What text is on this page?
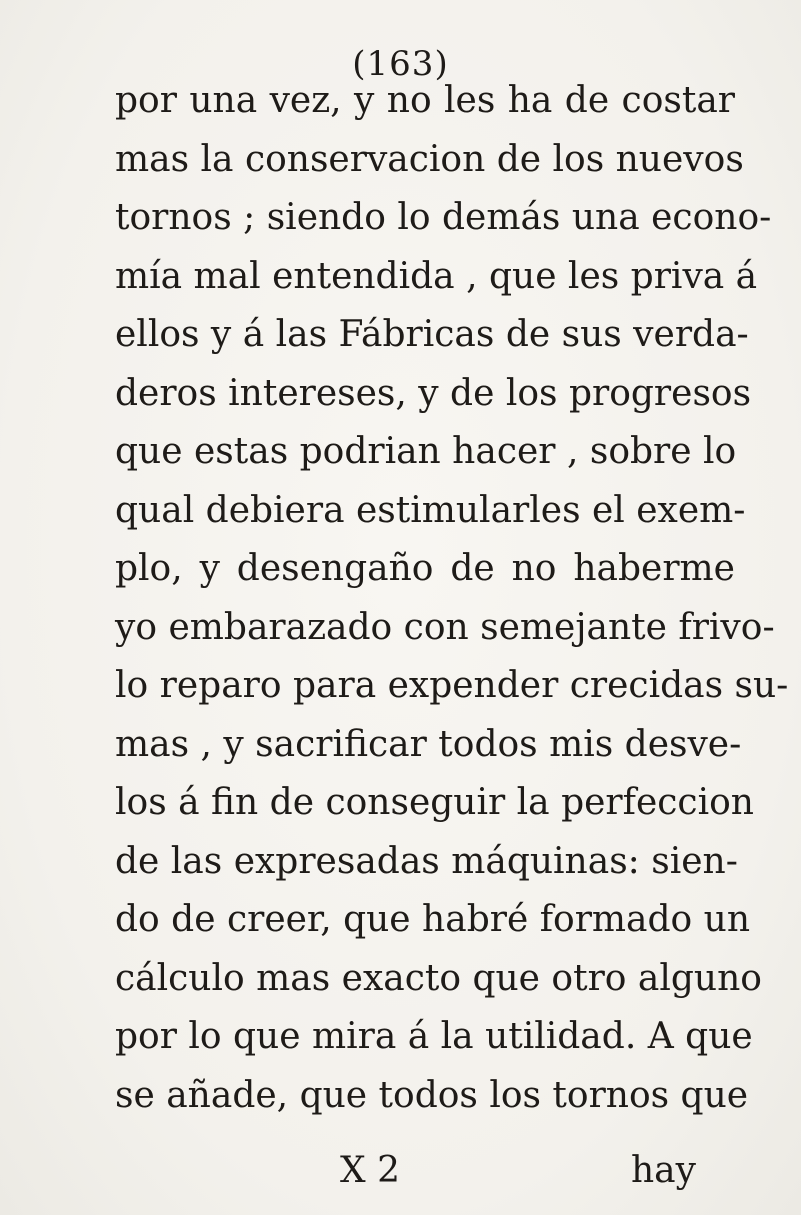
(163)
por una vez, y no les ha de costar
mas la conservacion de los nuevos
tornos ; siendo lo demás una econo-
mía mal entendida , que les priva á
ellos y á las Fábricas de sus verda-
deros intereses, y de los progresos
que estas podrian hacer , sobre lo
qual debiera estimularles el exem-
plo, y desengaño de no haberme
yo embarazado con semejante frivo-
lo reparo para expender crecidas su-
mas , y sacrificar todos mis desve-
los á fin de conseguir la perfeccion
de las expresadas máquinas: sien-
do de creer, que habré formado un
cálculo mas exacto que otro alguno
por lo que mira á la utilidad. A que
se añade, que todos los tornos que
X 2	hay
